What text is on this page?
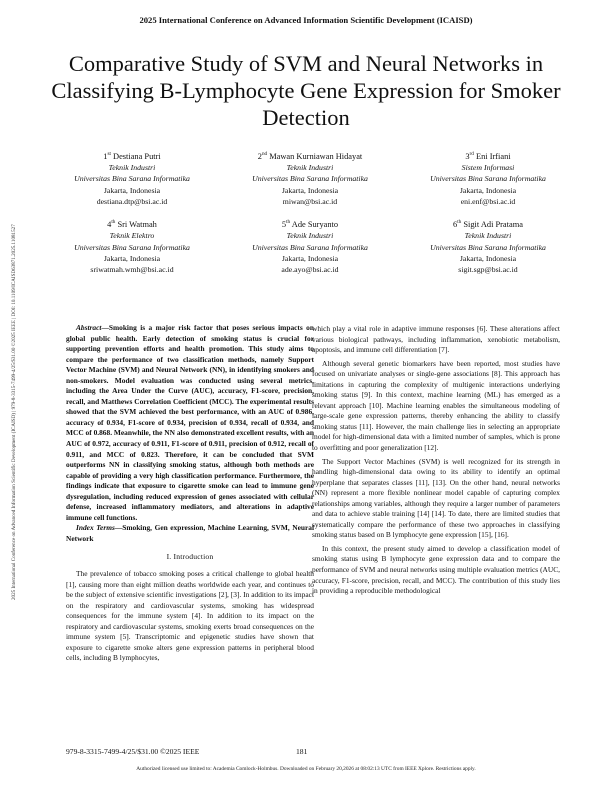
2025 International Conference on Advanced Information Scientific Development (ICAISD)
2025 International Conference on Advanced Information Scientific Development (ICAISD) | 979-8-3315-7499-4/25/$31.00 ©2025 IEEE | DOI: 10.1109/ICAISD63871.2025.11081527
Comparative Study of SVM and Neural Networks in Classifying B-Lymphocyte Gene Expression for Smoker Detection
1st Destiana Putri
Teknik Industri
Universitas Bina Sarana Informatika
Jakarta, Indonesia
destiana.dtp@bsi.ac.id
2nd Mawan Kurniawan Hidayat
Teknik Industri
Universitas Bina Sarana Informatika
Jakarta, Indonesia
miwan@bsi.ac.id
3rd Eni Irfiani
Sistem Informasi
Universitas Bina Sarana Informatika
Jakarta, Indonesia
eni.enf@bsi.ac.id
4th Sri Watmah
Teknik Elektro
Universitas Bina Sarana Informatika
Jakarta, Indonesia
sriwatmah.wmh@bsi.ac.id
5th Ade Suryanto
Teknik Industri
Universitas Bina Sarana Informatika
Jakarta, Indonesia
ade.ayo@bsi.ac.id
6th Sigit Adi Pratama
Teknik Industri
Universitas Bina Sarana Informatika
Jakarta, Indonesia
sigit.sgp@bsi.ac.id

Abstract—Smoking is a major risk factor that poses serious impacts on global public health. Early detection of smoking status is crucial for supporting prevention efforts and health promotion. This study aims to compare the performance of two classification methods, namely Support Vector Machine (SVM) and Neural Network (NN), in identifying smokers and non-smokers. Model evaluation was conducted using several metrics, including the Area Under the Curve (AUC), accuracy, F1-score, precision, recall, and Matthews Correlation Coefficient (MCC). The experimental results showed that the SVM achieved the best performance, with an AUC of 0.986, accuracy of 0.934, F1-score of 0.934, precision of 0.934, recall of 0.934, and MCC of 0.868. Meanwhile, the NN also demonstrated excellent results, with an AUC of 0.972, accuracy of 0.911, F1-score of 0.911, precision of 0.912, recall of 0.911, and MCC of 0.823. Therefore, it can be concluded that SVM outperforms NN in classifying smoking status, although both methods are capable of providing a very high classification performance. Furthermore, the findings indicate that exposure to cigarette smoke can lead to immune gene dysregulation, including reduced expression of genes associated with cellular defense, increased inflammatory mediators, and alterations in adaptive immune cell functions.

Index Terms—Smoking, Gen expression, Machine Learning, SVM, Neural Network

I. Introduction

The prevalence of tobacco smoking poses a critical challenge to global health [1], causing more than eight million deaths worldwide each year, and continues to be the subject of extensive scientific investigations [2], [3]. In addition to its impact on the respiratory and cardiovascular systems, smoking has widespread consequences for the immune system [4]. In addition to its impact on the respiratory and cardiovascular systems, smoking exerts broad consequences on the immune system [5]. Transcriptomic and epigenetic studies have shown that exposure to cigarette smoke alters gene expression patterns in peripheral blood cells, including B lymphocytes,

which play a vital role in adaptive immune responses [6]. These alterations affect various biological pathways, including inflammation, xenobiotic metabolism, apoptosis, and immune cell differentiation [7].

Although several genetic biomarkers have been reported, most studies have focused on univariate analyses or single-gene associations [8]. This approach has limitations in capturing the complexity of multigenic interactions underlying smoking status [9]. In this context, machine learning (ML) has emerged as a relevant approach [10]. Machine learning enables the simultaneous modeling of large-scale gene expression patterns, thereby enhancing the ability to classify smoking status [11]. However, the main challenge lies in selecting an appropriate model for high-dimensional data with a limited number of samples, which is prone to overfitting and poor generalization [12].

The Support Vector Machines (SVM) is well recognized for its strength in handling high-dimensional data owing to its ability to identify an optimal hyperplane that separates classes [11], [13]. On the other hand, neural networks (NN) represent a more flexible nonlinear model capable of capturing complex relationships among variables, although they require a larger number of parameters and data to achieve stable training [14] [14]. To date, there are limited studies that systematically compare the performance of these two approaches in classifying smoking status based on B lymphocyte gene expression [15], [16].

In this context, the present study aimed to develop a classification model of smoking status using B lymphocyte gene expression data and to compare the performance of SVM and neural networks using multiple evaluation metrics (AUC, accuracy, F1-score, precision, recall, and MCC). The contribution of this study lies in providing a reproducible methodological

979-8-3315-7499-4/25/$31.00 ©2025 IEEE	181
Authorized licensed use limited to: Academia Comlock-Holmbus. Downloaded on February 20,2026 at 08:02:13 UTC from IEEE Xplore. Restrictions apply.
